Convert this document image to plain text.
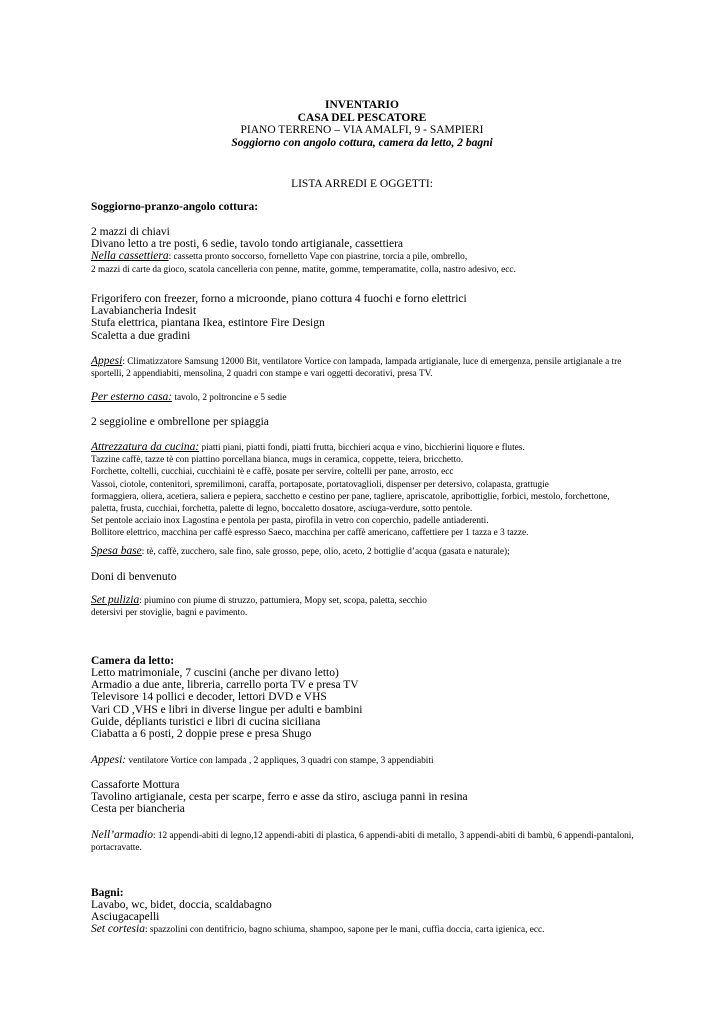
INVENTARIO
CASA DEL PESCATORE
PIANO TERRENO – VIA AMALFI, 9 - SAMPIERI
Soggiorno con angolo cottura, camera da letto, 2 bagni
LISTA ARREDI E OGGETTI:
Soggiorno-pranzo-angolo cottura:
2 mazzi di chiavi
Divano letto a tre posti, 6 sedie, tavolo tondo artigianale, cassettiera
Nella cassettiera: cassetta pronto soccorso, fornelletto Vape con piastrine, torcia a pile, ombrello,
2 mazzi di carte da gioco, scatola cancelleria con penne, matite, gomme, temperamatite, colla, nastro adesivo, ecc.
Frigorifero con freezer, forno a microonde, piano cottura 4 fuochi e forno elettrici
Lavabiancheria Indesit
Stufa elettrica, piantana Ikea, estintore Fire Design
Scaletta a due gradini
Appesi: Climatizzatore Samsung 12000 Bit, ventilatore Vortice con lampada, lampada artigianale, luce di emergenza, pensile artigianale a tre
sportelli, 2 appendiabiti, mensolina, 2 quadri con stampe e vari oggetti decorativi, presa TV.
Per esterno casa: tavolo, 2 poltroncine e 5 sedie
2 seggioline e ombrellone per spiaggia
Attrezzatura da cucina: piatti piani, piatti fondi, piatti frutta, bicchieri acqua e vino, bicchierini liquore e flutes.
Tazzine caffè, tazze tè con piattino porcellana bianca, mugs in ceramica, coppette, teiera, bricchetto.
Forchette, coltelli, cucchiai, cucchiaini tè e caffè, posate per servire, coltelli per pane, arrosto, ecc
Vassoi, ciotole, contenitori, spremilimoni, caraffa, portaposate, portatovaglioli, dispenser per detersivo, colapasta, grattugie
formaggiera, oliera, acetiera, saliera e pepiera, sacchetto e cestino per pane, tagliere, apriscatole, apribottiglie, forbici, mestolo, forchettone,
paletta, frusta, cucchiai, forchetta, palette di legno, boccaletto dosatore, asciuga-verdure, sotto pentole.
Set pentole acciaio inox Lagostina e pentola per pasta, pirofila in vetro con coperchio, padelle antiaderenti.
Bollitore elettrico, macchina per caffè espresso Saeco, macchina per caffè americano, caffettiere per 1 tazza e 3 tazze.
Spesa base: tè, caffè, zucchero, sale fino, sale grosso, pepe, olio, aceto, 2 bottiglie d’acqua (gasata e naturale);
Doni di benvenuto
Set pulizia: piumino con piume di struzzo, pattumiera, Mopy set, scopa, paletta, secchio
detersivi per stoviglie, bagni e pavimento.
Camera da letto:
Letto matrimoniale, 7 cuscini (anche per divano letto)
Armadio a due ante, libreria, carrello porta TV e presa TV
Televisore 14 pollici e decoder, lettori DVD e VHS
Vari CD ,VHS e libri in diverse lingue per adulti e bambini
Guide, dépliants turistici e libri di cucina siciliana
Ciabatta a 6 posti, 2 doppie prese e presa Shugo
Appesi: ventilatore Vortice con lampada , 2 appliques, 3 quadri con stampe, 3 appendiabiti
Cassaforte Mottura
Tavolino artigianale, cesta per scarpe, ferro e asse da stiro, asciuga panni in resina
Cesta per biancheria
Nell’armadio: 12 appendi-abiti di legno,12 appendi-abiti di plastica, 6 appendi-abiti di metallo, 3 appendi-abiti di bambù, 6 appendi-pantaloni,
portacravatte.
Bagni:
Lavabo, wc, bidet, doccia, scaldabagno
Asciugacapelli
Set cortesia: spazzolini con dentifricio, bagno schiuma, shampoo, sapone per le mani, cuffia doccia, carta igienica, ecc.
